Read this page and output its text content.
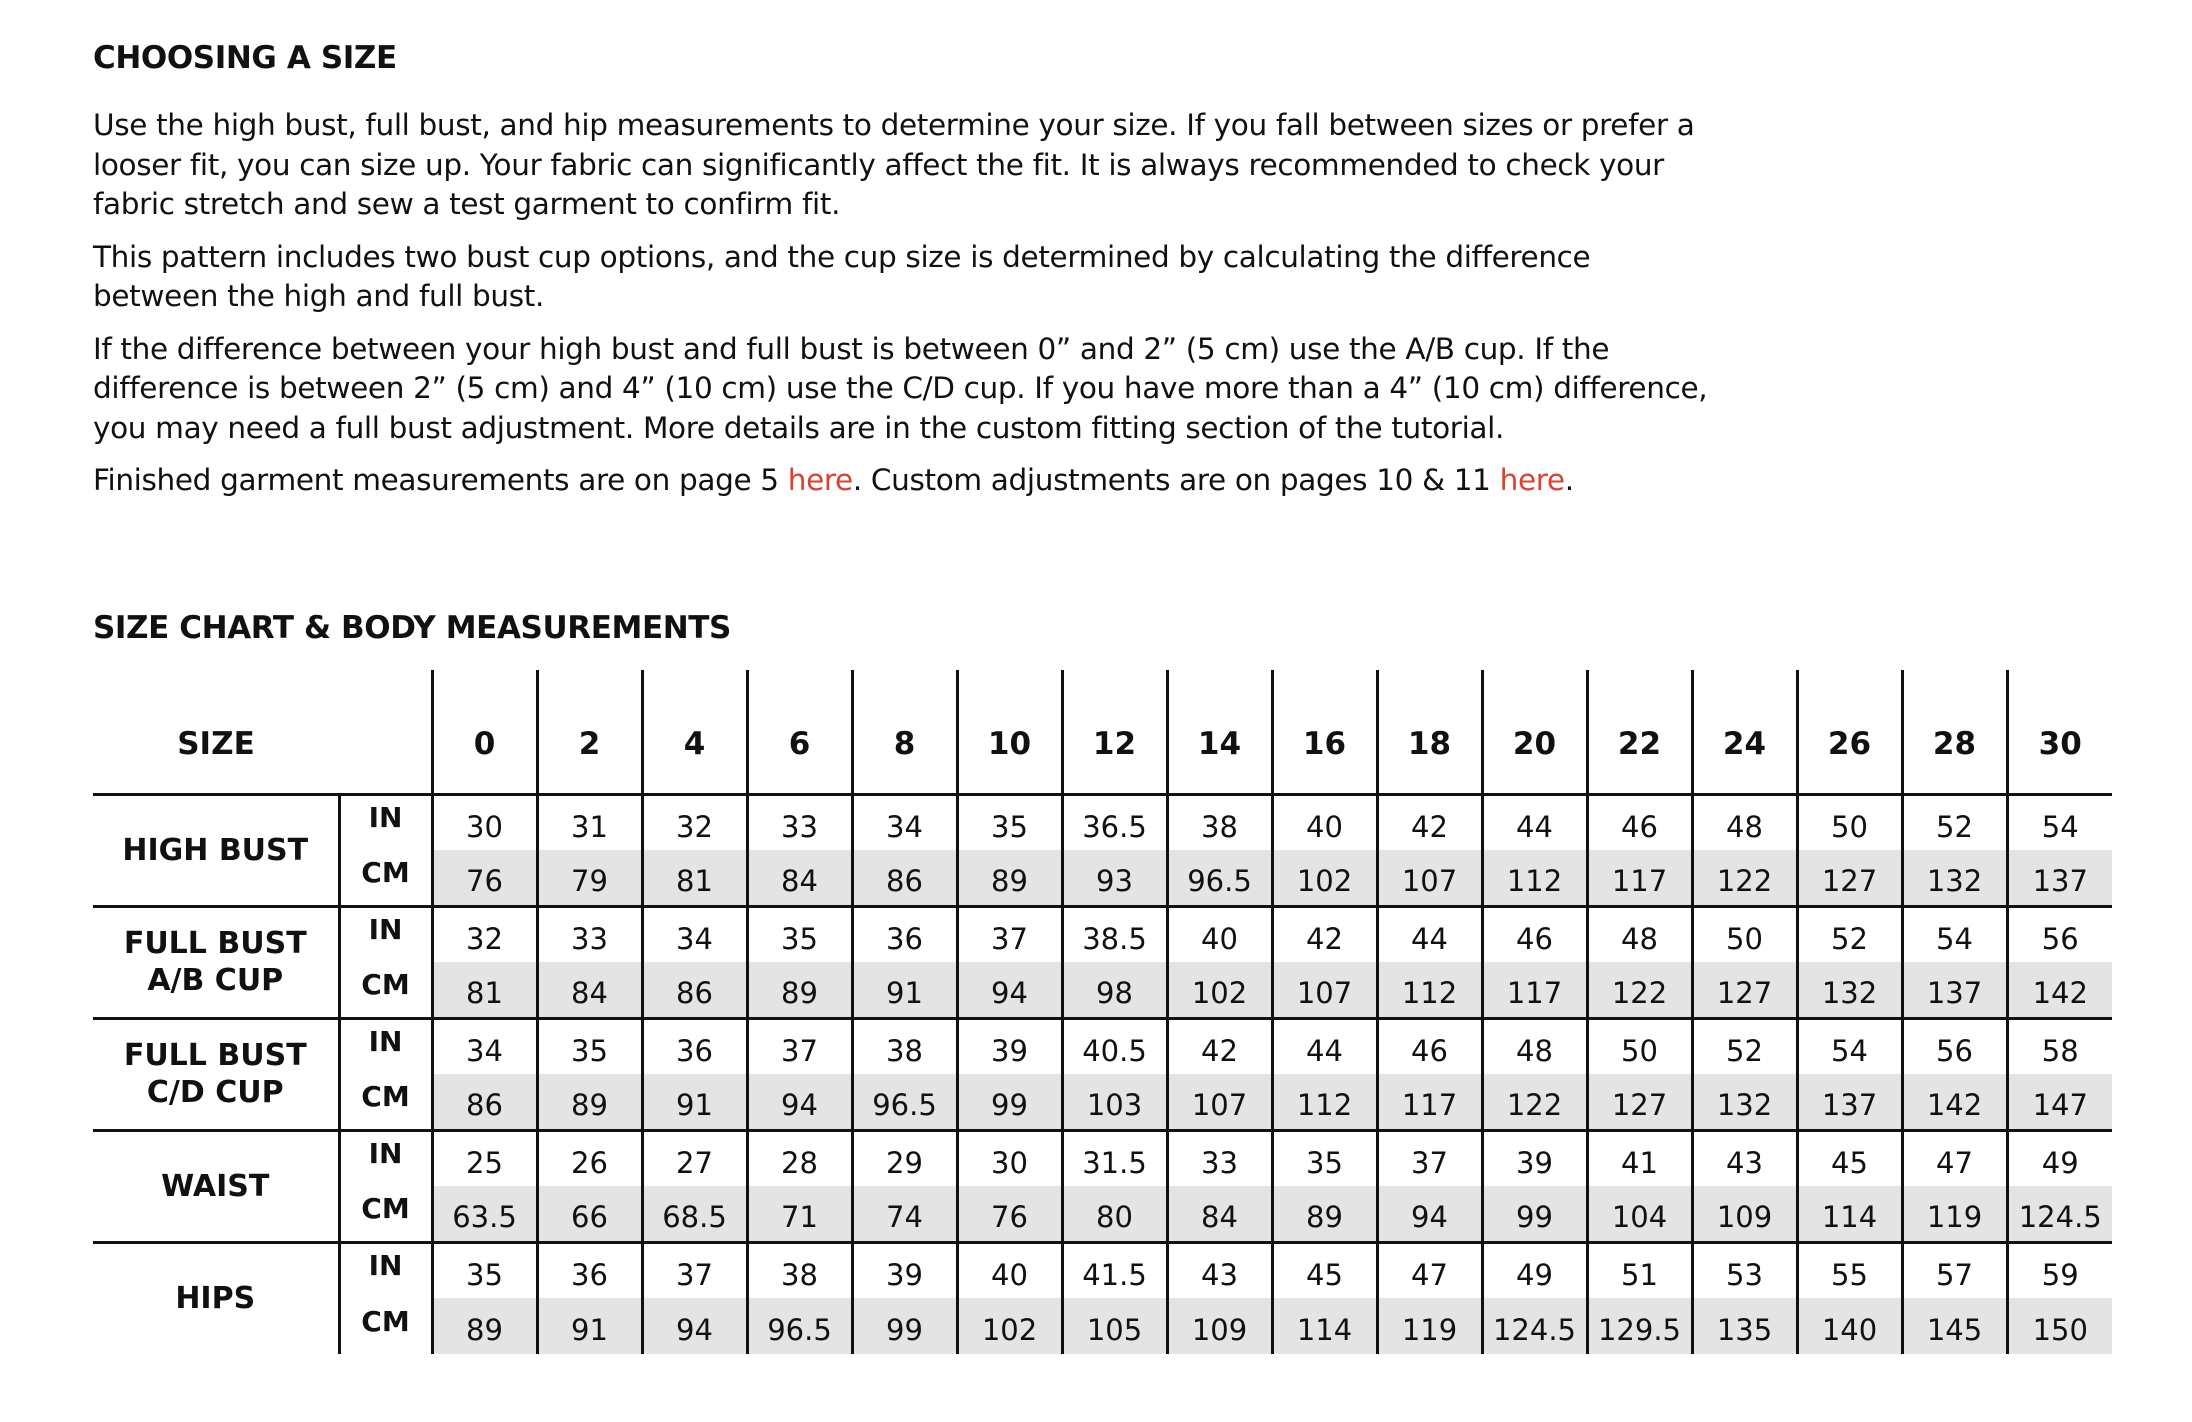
CHOOSING A SIZE

Use the high bust, full bust, and hip measurements to determine your size. If you fall between sizes or prefer a looser fit, you can size up. Your fabric can significantly affect the fit. It is always recommended to check your fabric stretch and sew a test garment to confirm fit.

This pattern includes two bust cup options, and the cup size is determined by calculating the difference between the high and full bust.

If the difference between your high bust and full bust is between 0” and 2” (5 cm) use the A/B cup. If the difference is between 2” (5 cm) and 4” (10 cm) use the C/D cup. If you have more than a 4” (10 cm) difference, you may need a full bust adjustment. More details are in the custom fitting section of the tutorial.

Finished garment measurements are on page 5 here. Custom adjustments are on pages 10 & 11 here.

SIZE CHART & BODY MEASUREMENTS
SIZE		0	2	4	6	8	10	12	14	16	18	20	22	24	26	28	30

HIGH BUST	IN	30	31	32	33	34	35	36.5	38	40	42	44	46	48	50	52	54
	CM	76	79	81	84	86	89	93	96.5	102	107	112	117	122	127	132	137

FULL BUST
A/B CUP	IN	32	33	34	35	36	37	38.5	40	42	44	46	48	50	52	54	56
	CM	81	84	86	89	91	94	98	102	107	112	117	122	127	132	137	142

FULL BUST
C/D CUP	IN	34	35	36	37	38	39	40.5	42	44	46	48	50	52	54	56	58
	CM	86	89	91	94	96.5	99	103	107	112	117	122	127	132	137	142	147

WAIST	IN	25	26	27	28	29	30	31.5	33	35	37	39	41	43	45	47	49
	CM	63.5	66	68.5	71	74	76	80	84	89	94	99	104	109	114	119	124.5

HIPS	IN	35	36	37	38	39	40	41.5	43	45	47	49	51	53	55	57	59
	CM	89	91	94	96.5	99	102	105	109	114	119	124.5	129.5	135	140	145	150
